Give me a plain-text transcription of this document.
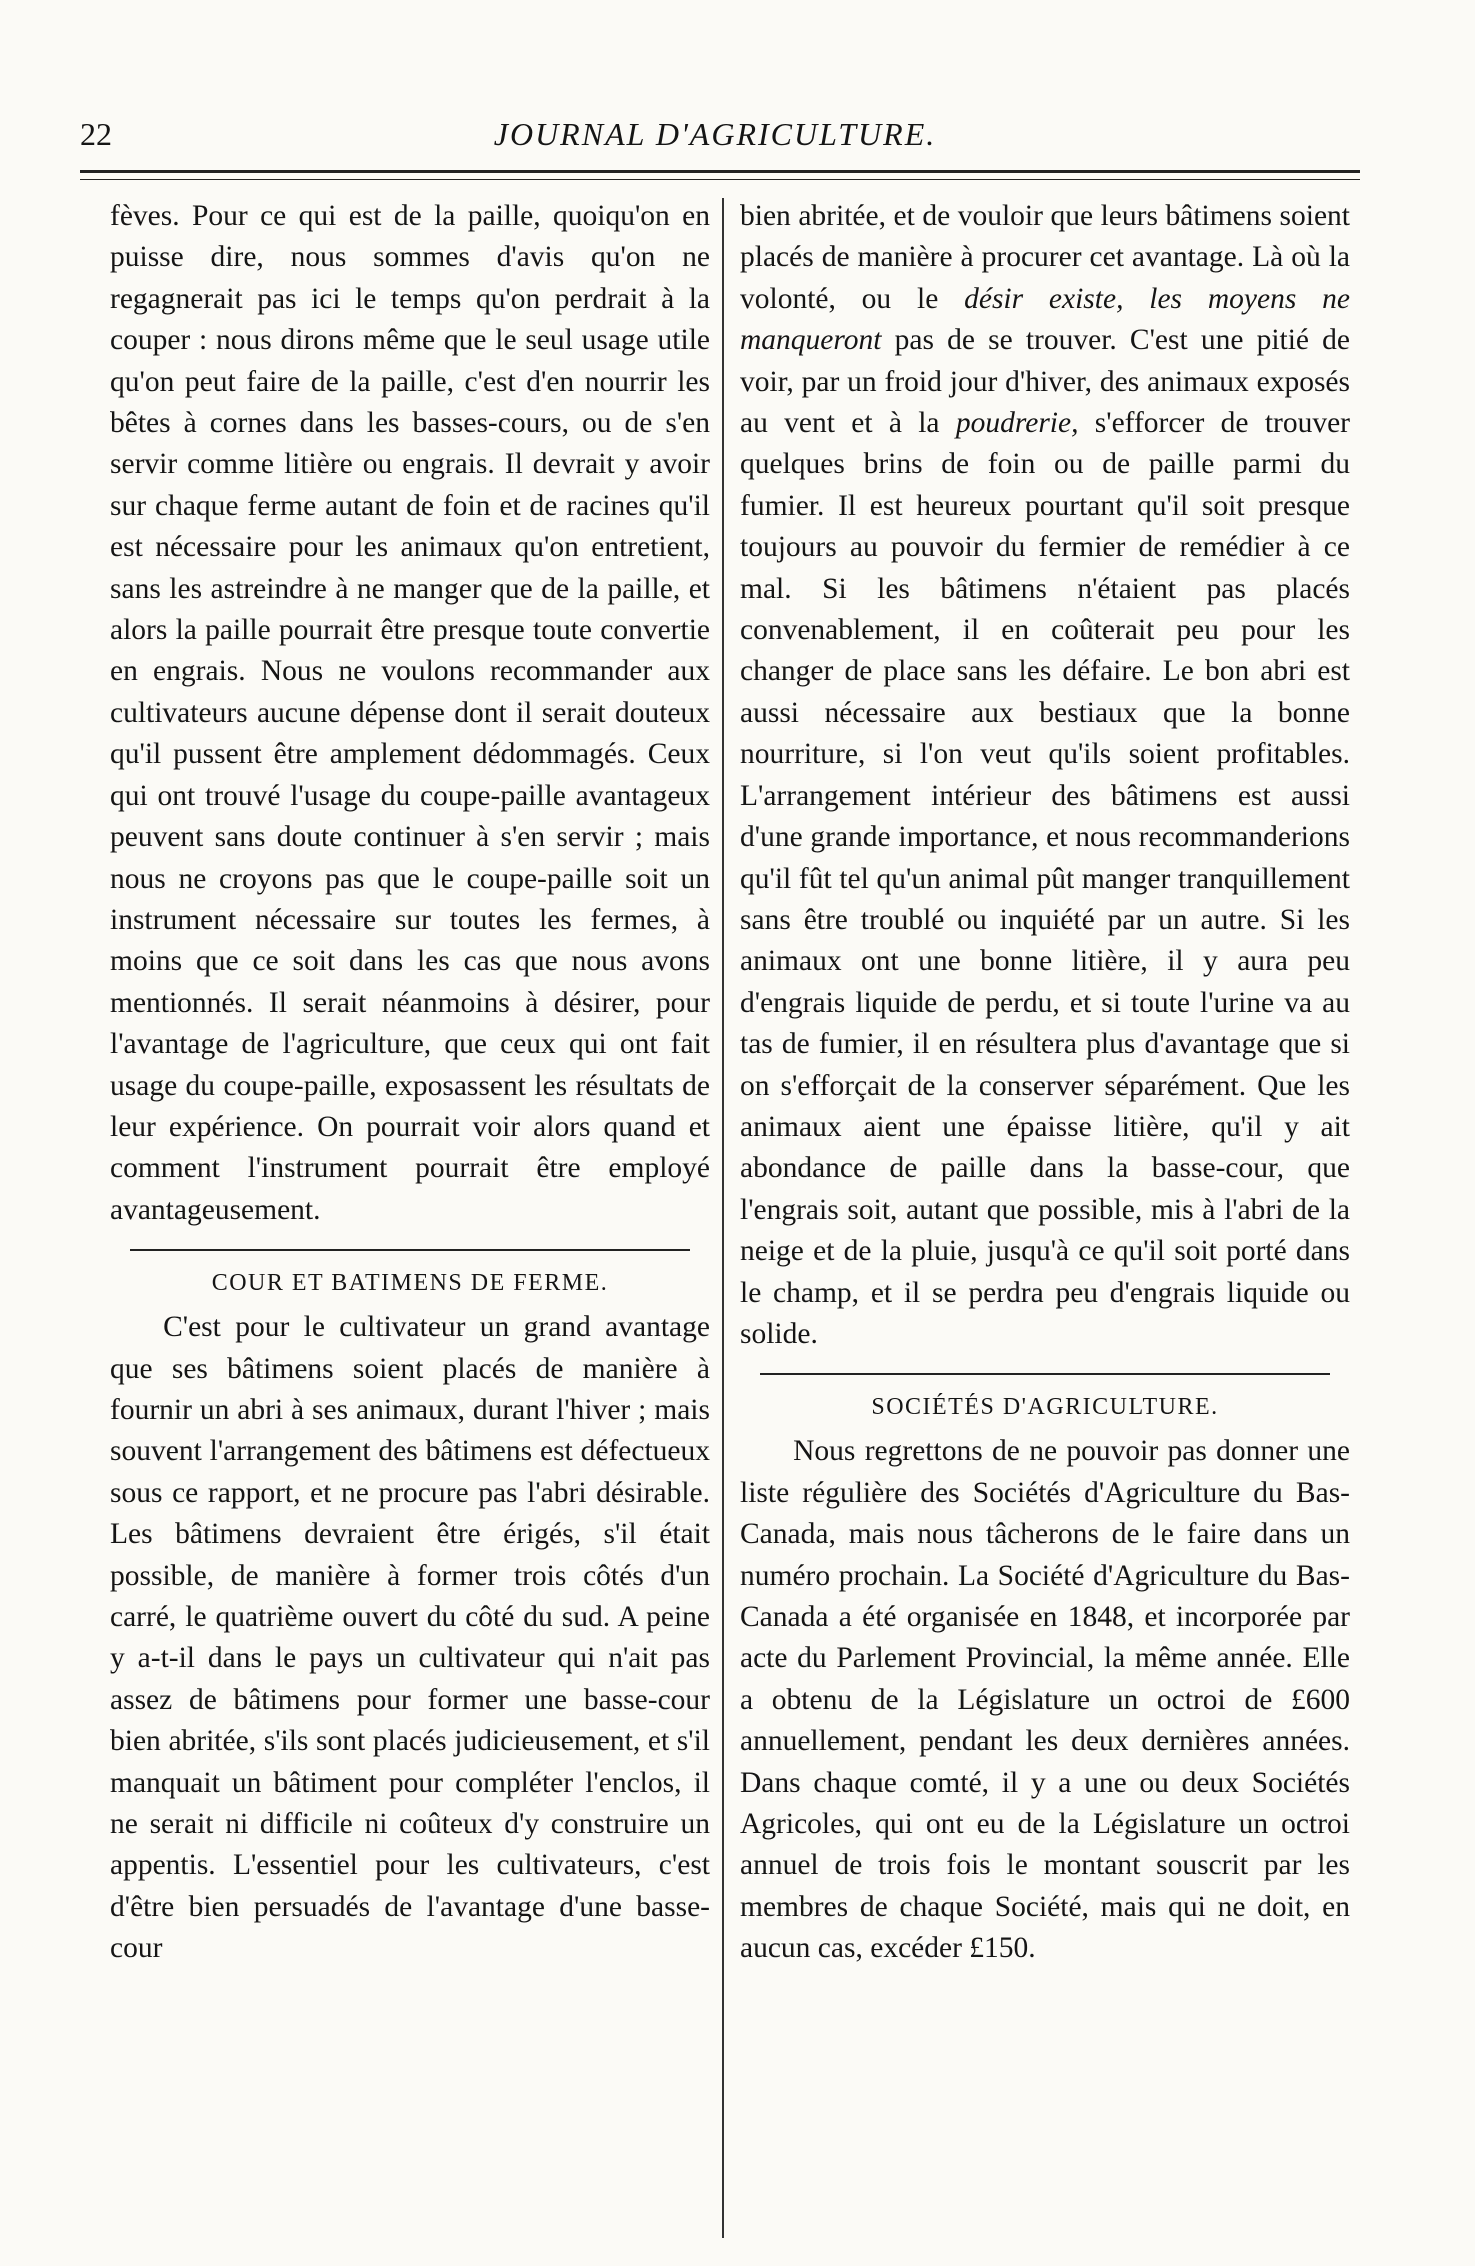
22	JOURNAL D'AGRICULTURE.

fèves. Pour ce qui est de la paille, quoiqu'on en puisse dire, nous sommes d'avis qu'on ne regagnerait pas ici le temps qu'on perdrait à la couper : nous dirons même que le seul usage utile qu'on peut faire de la paille, c'est d'en nourrir les bêtes à cornes dans les basses-cours, ou de s'en servir comme litière ou engrais. Il devrait y avoir sur chaque ferme autant de foin et de racines qu'il est nécessaire pour les animaux qu'on entretient, sans les astreindre à ne manger que de la paille, et alors la paille pourrait être presque toute convertie en engrais. Nous ne voulons recommander aux cultivateurs aucune dépense dont il serait douteux qu'il pussent être amplement dédommagés. Ceux qui ont trouvé l'usage du coupe-paille avantageux peuvent sans doute continuer à s'en servir ; mais nous ne croyons pas que le coupe-paille soit un instrument nécessaire sur toutes les fermes, à moins que ce soit dans les cas que nous avons mentionnés. Il serait néanmoins à désirer, pour l'avantage de l'agriculture, que ceux qui ont fait usage du coupe-paille, exposassent les résultats de leur expérience. On pourrait voir alors quand et comment l'instrument pourrait être employé avantageusement.

COUR ET BATIMENS DE FERME.

C'est pour le cultivateur un grand avantage que ses bâtimens soient placés de manière à fournir un abri à ses animaux, durant l'hiver ; mais souvent l'arrangement des bâtimens est défectueux sous ce rapport, et ne procure pas l'abri désirable. Les bâtimens devraient être érigés, s'il était possible, de manière à former trois côtés d'un carré, le quatrième ouvert du côté du sud. A peine y a-t-il dans le pays un cultivateur qui n'ait pas assez de bâtimens pour former une basse-cour bien abritée, s'ils sont placés judicieusement, et s'il manquait un bâtiment pour compléter l'enclos, il ne serait ni difficile ni coûteux d'y construire un appentis. L'essentiel pour les cultivateurs, c'est d'être bien persuadés de l'avantage d'une basse-cour

bien abritée, et de vouloir que leurs bâtimens soient placés de manière à procurer cet avantage. Là où la volonté, ou le désir existe, les moyens ne manqueront pas de se trouver. C'est une pitié de voir, par un froid jour d'hiver, des animaux exposés au vent et à la poudrerie, s'efforcer de trouver quelques brins de foin ou de paille parmi du fumier. Il est heureux pourtant qu'il soit presque toujours au pouvoir du fermier de remédier à ce mal. Si les bâtimens n'étaient pas placés convenablement, il en coûterait peu pour les changer de place sans les défaire. Le bon abri est aussi nécessaire aux bestiaux que la bonne nourriture, si l'on veut qu'ils soient profitables. L'arrangement intérieur des bâtimens est aussi d'une grande importance, et nous recommanderions qu'il fût tel qu'un animal pût manger tranquillement sans être troublé ou inquiété par un autre. Si les animaux ont une bonne litière, il y aura peu d'engrais liquide de perdu, et si toute l'urine va au tas de fumier, il en résultera plus d'avantage que si on s'efforçait de la conserver séparément. Que les animaux aient une épaisse litière, qu'il y ait abondance de paille dans la basse-cour, que l'engrais soit, autant que possible, mis à l'abri de la neige et de la pluie, jusqu'à ce qu'il soit porté dans le champ, et il se perdra peu d'engrais liquide ou solide.

SOCIÉTÉS D'AGRICULTURE.

Nous regrettons de ne pouvoir pas donner une liste régulière des Sociétés d'Agriculture du Bas-Canada, mais nous tâcherons de le faire dans un numéro prochain. La Société d'Agriculture du Bas-Canada a été organisée en 1848, et incorporée par acte du Parlement Provincial, la même année. Elle a obtenu de la Législature un octroi de £600 annuellement, pendant les deux dernières années. Dans chaque comté, il y a une ou deux Sociétés Agricoles, qui ont eu de la Législature un octroi annuel de trois fois le montant souscrit par les membres de chaque Société, mais qui ne doit, en aucun cas, excéder £150.
